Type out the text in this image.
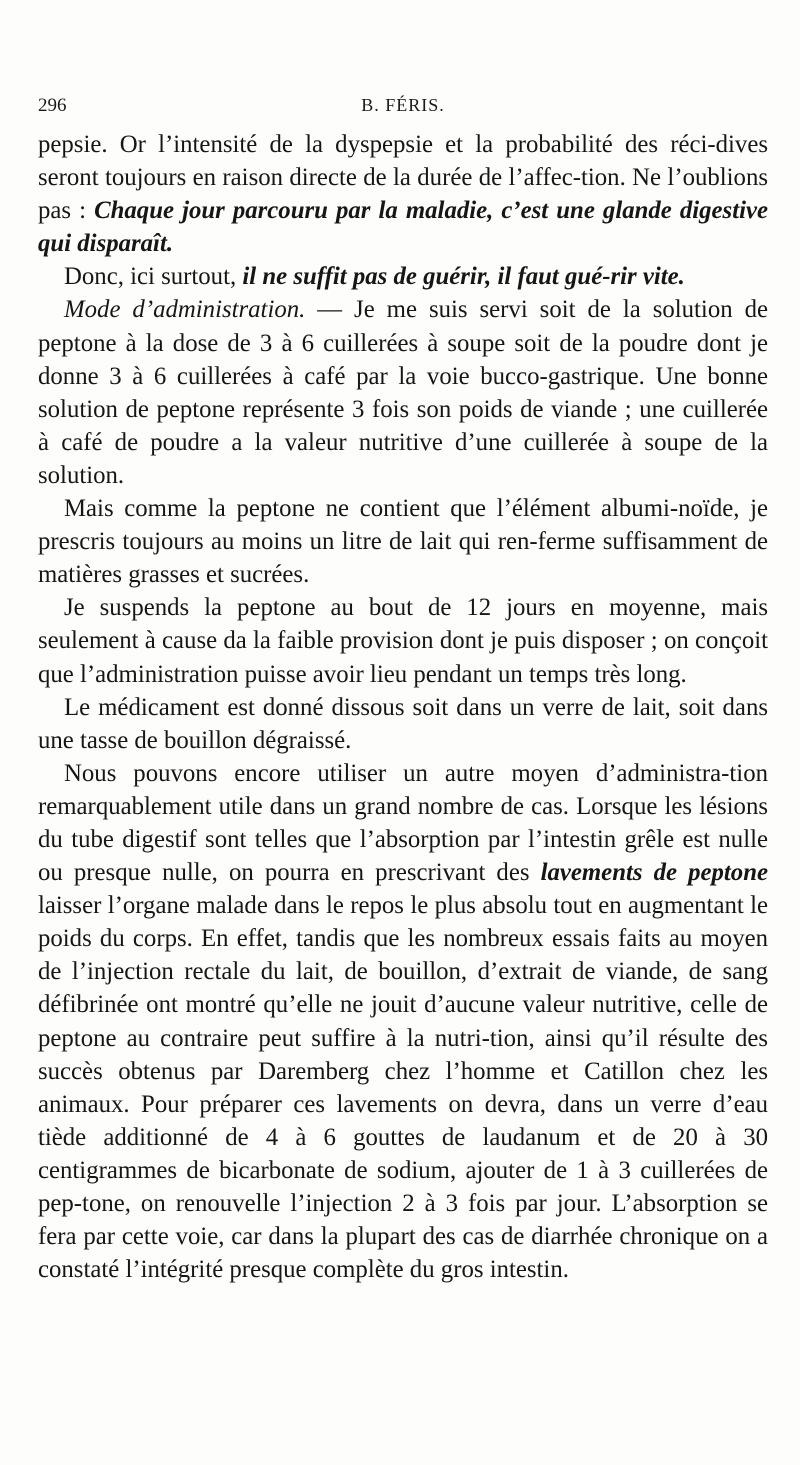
296	B. FÉRIS.

pepsie. Or l’intensité de la dyspepsie et la probabilité des réci-dives seront toujours en raison directe de la durée de l’affec-tion. Ne l’oublions pas : Chaque jour parcouru par la maladie, c’est une glande digestive qui disparaît.

Donc, ici surtout, il ne suffit pas de guérir, il faut gué-rir vite.

Mode d’administration. — Je me suis servi soit de la solution de peptone à la dose de 3 à 6 cuillerées à soupe soit de la poudre dont je donne 3 à 6 cuillerées à café par la voie bucco-gastrique. Une bonne solution de peptone représente 3 fois son poids de viande ; une cuillerée à café de poudre a la valeur nutritive d’une cuillerée à soupe de la solution.

Mais comme la peptone ne contient que l’élément albumi-noïde, je prescris toujours au moins un litre de lait qui ren-ferme suffisamment de matières grasses et sucrées.

Je suspends la peptone au bout de 12 jours en moyenne, mais seulement à cause da la faible provision dont je puis disposer ; on conçoit que l’administration puisse avoir lieu pendant un temps très long.

Le médicament est donné dissous soit dans un verre de lait, soit dans une tasse de bouillon dégraissé.

Nous pouvons encore utiliser un autre moyen d’administra-tion remarquablement utile dans un grand nombre de cas. Lorsque les lésions du tube digestif sont telles que l’absorption par l’intestin grêle est nulle ou presque nulle, on pourra en prescrivant des lavements de peptone laisser l’organe malade dans le repos le plus absolu tout en augmentant le poids du corps. En effet, tandis que les nombreux essais faits au moyen de l’injection rectale du lait, de bouillon, d’extrait de viande, de sang défibrinée ont montré qu’elle ne jouit d’aucune valeur nutritive, celle de peptone au contraire peut suffire à la nutri-tion, ainsi qu’il résulte des succès obtenus par Daremberg chez l’homme et Catillon chez les animaux. Pour préparer ces lavements on devra, dans un verre d’eau tiède additionné de 4 à 6 gouttes de laudanum et de 20 à 30 centigrammes de bicarbonate de sodium, ajouter de 1 à 3 cuillerées de pep-tone, on renouvelle l’injection 2 à 3 fois par jour. L’absorption se fera par cette voie, car dans la plupart des cas de diarrhée chronique on a constaté l’intégrité presque complète du gros intestin.
